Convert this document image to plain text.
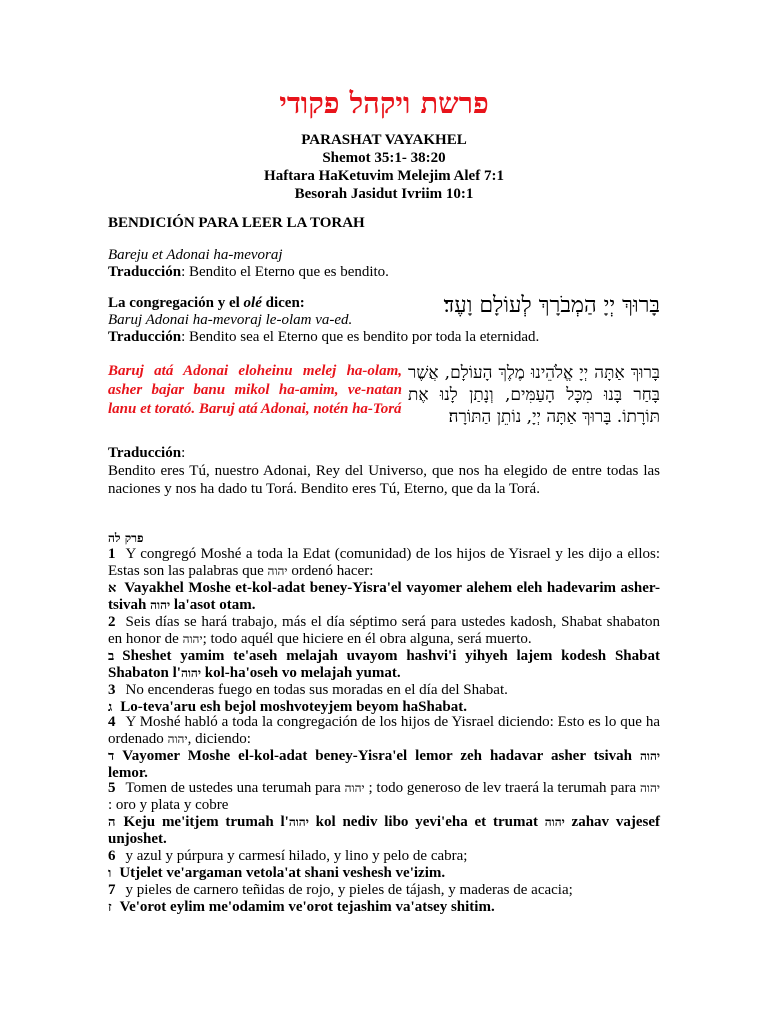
פרשת ויקהל פקודי
PARASHAT VAYAKHEL
Shemot 35:1- 38:20
Haftara HaKetuvim Melejim Alef 7:1
Besorah Jasidut Ivriim 10:1
BENDICIÓN PARA LEER LA TORAH
Bareju et Adonai ha-mevoraj
Traducción: Bendito el Eterno que es bendito.
La congregación y el olé dicen:
Baruj Adonai ha-mevoraj le-olam va-ed.
Traducción: Bendito sea el Eterno que es bendito por toda la eternidad.
בָּרוּךְ יְיָ הַמְבֹרָךְ לְעוֹלָם וָעֶד׃
Baruj atá Adonai eloheinu melej ha-olam, asher bajar banu mikol ha-amim, ve-natan lanu et torató. Baruj atá Adonai, notén ha-Torá
בָּרוּךְ אַתָּה יְיָ אֱלֹהֵינוּ מֶלֶךְ הָעוֹלָם, אֲשֶׁר בָּחַר בָּנוּ מִכָּל הָעַמִּים, וְנָתַן לָנוּ אֶת תּוֹרָתוֹ. בָּרוּךְ אַתָּה יְיָ, נוֹתֵן הַתּוֹרָה׃
Traducción:
Bendito eres Tú, nuestro Adonai, Rey del Universo, que nos ha elegido de entre todas las naciones y nos ha dado tu Torá. Bendito eres Tú, Eterno, que da la Torá.
פרק לה
1 Y congregó Moshé a toda la Edat (comunidad) de los hijos de Yisrael y les dijo a ellos: Estas son las palabras que יהוה ordenó hacer:
א Vayakhel Moshe et-kol-adat beney-Yisra'el vayomer alehem eleh hadevarim asher-tsivah יהוה la'asot otam.
2 Seis días se hará trabajo, más el día séptimo será para ustedes kadosh, Shabat shabaton en honor de יהוה; todo aquél que hiciere en él obra alguna, será muerto.
ב Sheshet yamim te'aseh melajah uvayom hashvi'i yihyeh lajem kodesh Shabat Shabaton l'יהוה kol-ha'oseh vo melajah yumat.
3 No encenderas fuego en todas sus moradas en el día del Shabat.
ג Lo-teva'aru esh bejol moshvoteyjem beyom haShabat.
4 Y Moshé habló a toda la congregación de los hijos de Yisrael diciendo: Esto es lo que ha ordenado יהוה, diciendo:
ד Vayomer Moshe el-kol-adat beney-Yisra'el lemor zeh hadavar asher tsivah יהוה lemor.
5 Tomen de ustedes una terumah para יהוה ; todo generoso de lev traerá la terumah para יהוה : oro y plata y cobre
ה Keju me'itjem trumah l'יהוה kol nediv libo yevi'eha et trumat יהוה zahav vajesef unjoshet.
6 y azul y púrpura y carmesí hilado, y lino y pelo de cabra;
ו Utjelet ve'argaman vetola'at shani veshesh ve'izim.
7 y pieles de carnero teñidas de rojo, y pieles de tájash, y maderas de acacia;
ז Ve'orot eylim me'odamim ve'orot tejashim va'atsey shitim.
